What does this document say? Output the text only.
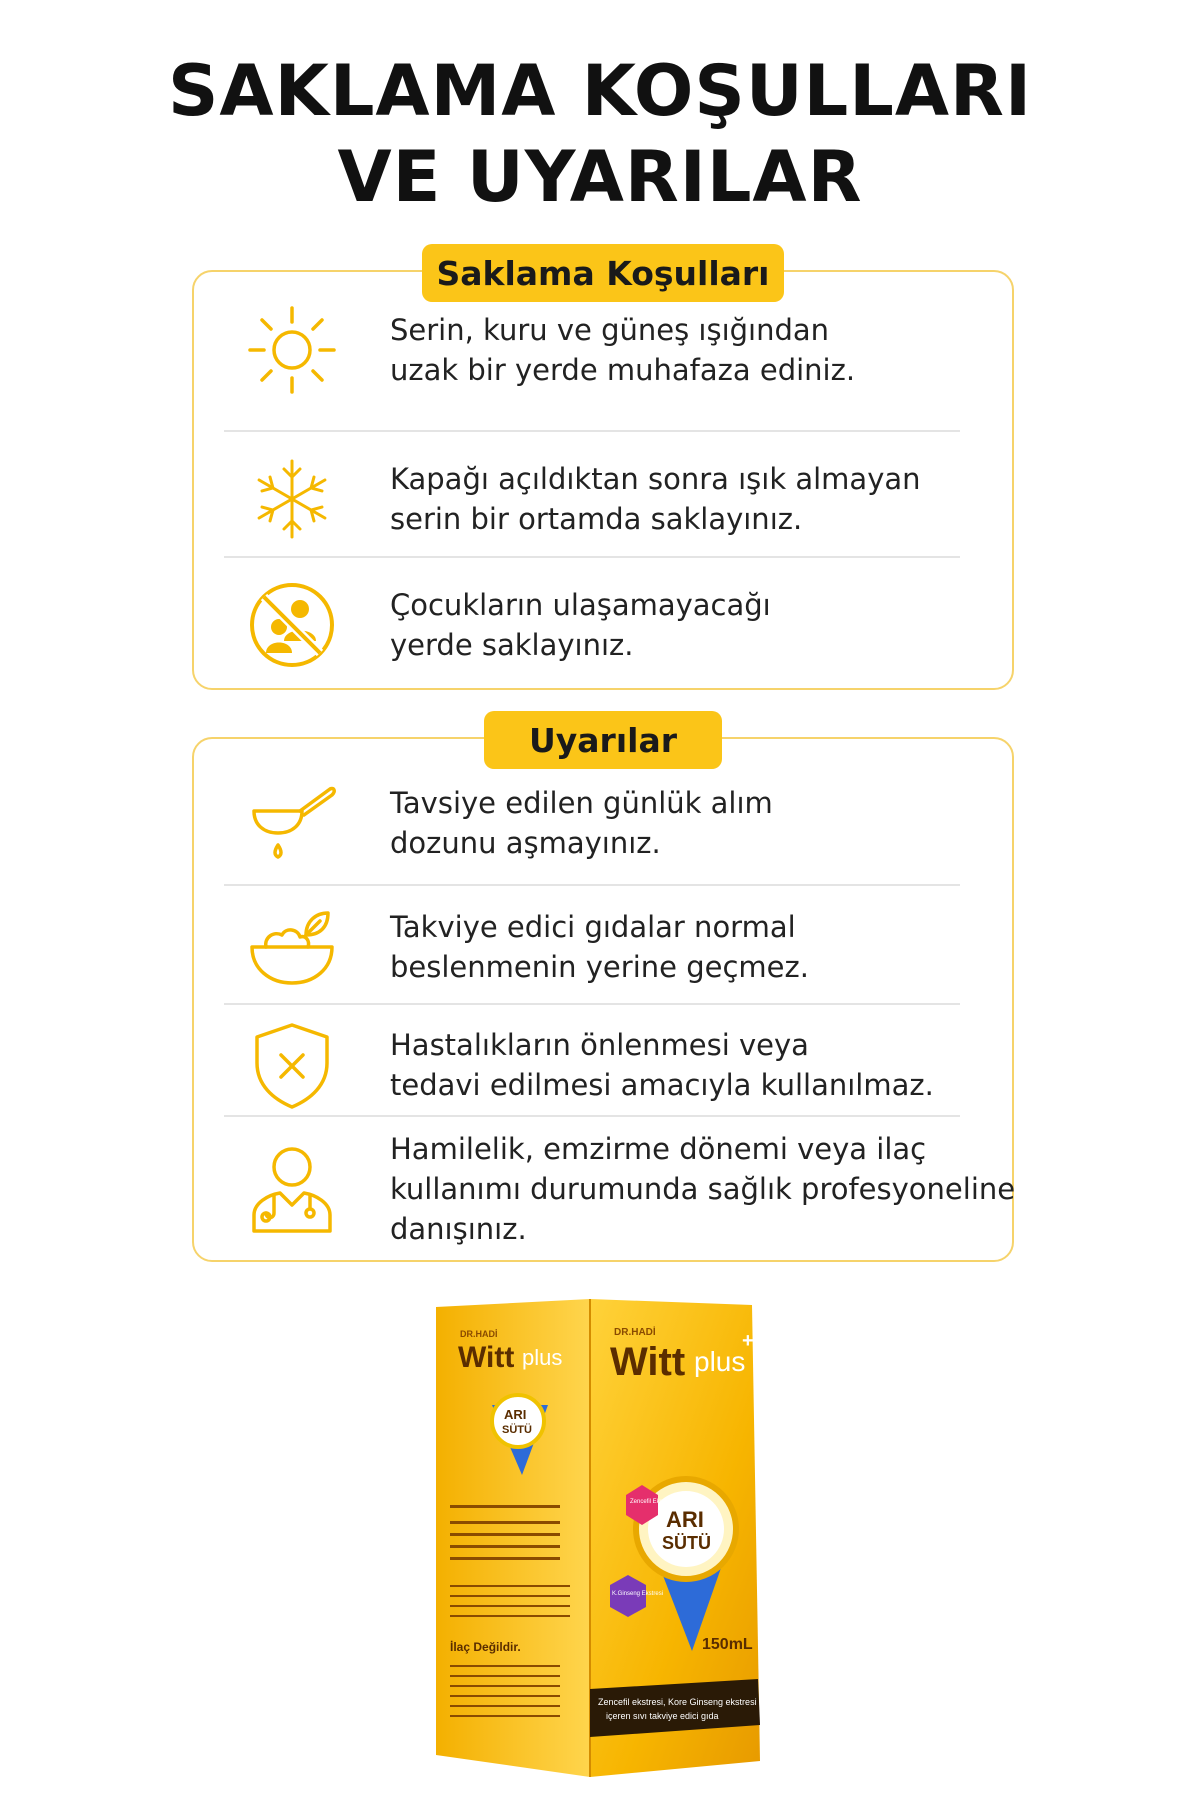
SAKLAMA KOŞULLARI
VE UYARILAR
Saklama Koşulları
Serin, kuru ve güneş ışığından
uzak bir yerde muhafaza ediniz.
Kapağı açıldıktan sonra ışık almayan
serin bir ortamda saklayınız.
Çocukların ulaşamayacağı
yerde saklayınız.
Uyarılar
Tavsiye edilen günlük alım
dozunu aşmayınız.
Takviye edici gıdalar normal
beslenmenin yerine geçmez.
Hastalıkların önlenmesi veya
tedavi edilmesi amacıyla kullanılmaz.
Hamilelik, emzirme dönemi veya ilaç
kullanımı durumunda sağlık profesyoneline
danışınız.
DR.HADİ
Witt plus
ARI
SÜTÜ
İlaç Değildir.
DR.HADİ
Witt plus
+
ARI
SÜTÜ
Zencefil Ekstresi
K.Ginseng Ekstresi
150mL
Zencefil ekstresi, Kore Ginseng ekstresi
içeren sıvı takviye edici gıda
